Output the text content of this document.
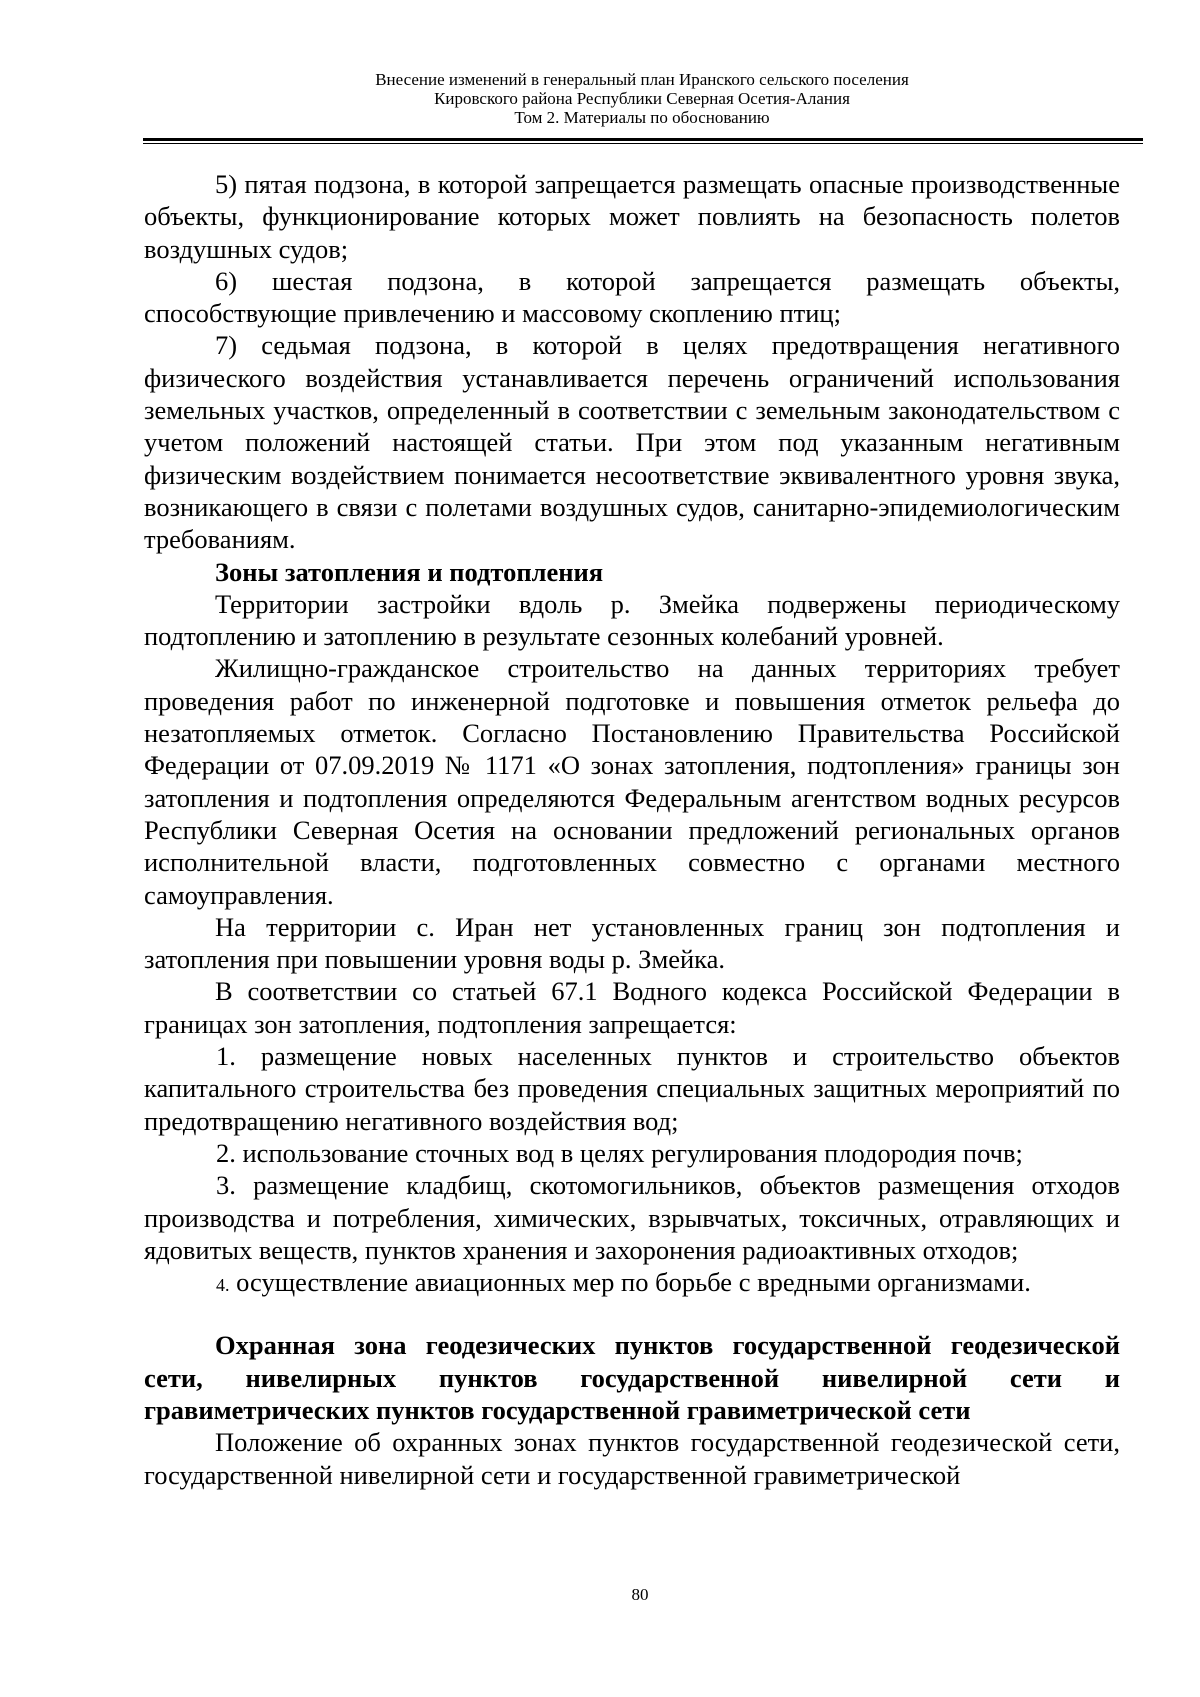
Внесение изменений в генеральный план Иранского сельского поселения
Кировского района Республики Северная Осетия-Алания
Том 2. Материалы по обоснованию

5) пятая подзона, в которой запрещается размещать опасные производственные объекты, функционирование которых может повлиять на безопасность полетов воздушных судов;

6) шестая подзона, в которой запрещается размещать объекты, способствующие привлечению и массовому скоплению птиц;

7) седьмая подзона, в которой в целях предотвращения негативного физического воздействия устанавливается перечень ограничений использования земельных участков, определенный в соответствии с земельным законодательством с учетом положений настоящей статьи. При этом под указанным негативным физическим воздействием понимается несоответствие эквивалентного уровня звука, возникающего в связи с полетами воздушных судов, санитарно-эпидемиологическим требованиям.

Зоны затопления и подтопления

Территории застройки вдоль р. Змейка подвержены периодическому подтоплению и затоплению в результате сезонных колебаний уровней.

Жилищно-гражданское строительство на данных территориях требует проведения работ по инженерной подготовке и повышения отметок рельефа до незатопляемых отметок. Согласно Постановлению Правительства Российской Федерации от 07.09.2019 № 1171 «О зонах затопления, подтопления» границы зон затопления и подтопления определяются Федеральным агентством водных ресурсов Республики Северная Осетия на основании предложений региональных органов исполнительной власти, подготовленных совместно с органами местного самоуправления.

На территории с. Иран нет установленных границ зон подтопления и затопления при повышении уровня воды р. Змейка.

В соответствии со статьей 67.1 Водного кодекса Российской Федерации в границах зон затопления, подтопления запрещается:

1. размещение новых населенных пунктов и строительство объектов капитального строительства без проведения специальных защитных мероприятий по предотвращению негативного воздействия вод;
2. использование сточных вод в целях регулирования плодородия почв;
3. размещение кладбищ, скотомогильников, объектов размещения отходов производства и потребления, химических, взрывчатых, токсичных, отравляющих и ядовитых веществ, пунктов хранения и захоронения радиоактивных отходов;
4. осуществление авиационных мер по борьбе с вредными организмами.
Охранная зона геодезических пунктов государственной геодезической сети, нивелирных пунктов государственной нивелирной сети и гравиметрических пунктов государственной гравиметрической сети

Положение об охранных зонах пунктов государственной геодезической сети, государственной нивелирной сети и государственной гравиметрической

80
